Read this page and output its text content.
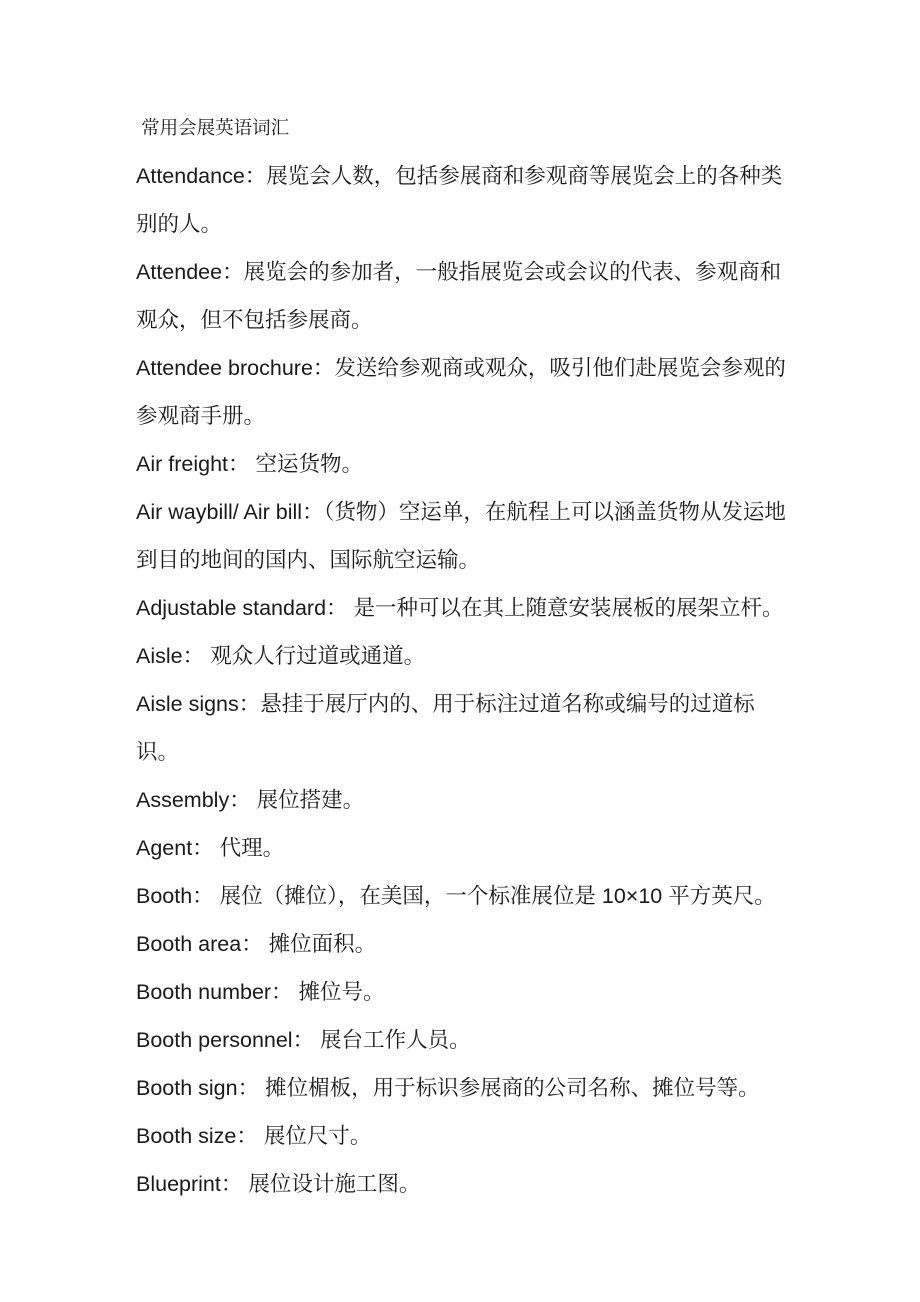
常用会展英语词汇

Attendance：展览会人数，包括参展商和参观商等展览会上的各种类别的人。

Attendee：展览会的参加者，一般指展览会或会议的代表、参观商和观众，但不包括参展商。

Attendee brochure：发送给参观商或观众，吸引他们赴展览会参观的参观商手册。

Air freight： 空运货物。

Air waybill/ Air bill：（货物）空运单，在航程上可以涵盖货物从发运地到目的地间的国内、国际航空运输。

Adjustable standard： 是一种可以在其上随意安装展板的展架立杆。

Aisle： 观众人行过道或通道。

Aisle signs：悬挂于展厅内的、用于标注过道名称或编号的过道标识。

Assembly： 展位搭建。

Agent： 代理。

Booth： 展位（摊位），在美国，一个标准展位是 10×10 平方英尺。

Booth area： 摊位面积。

Booth number： 摊位号。

Booth personnel： 展台工作人员。

Booth sign： 摊位楣板，用于标识参展商的公司名称、摊位号等。

Booth size： 展位尺寸。

Blueprint： 展位设计施工图。
